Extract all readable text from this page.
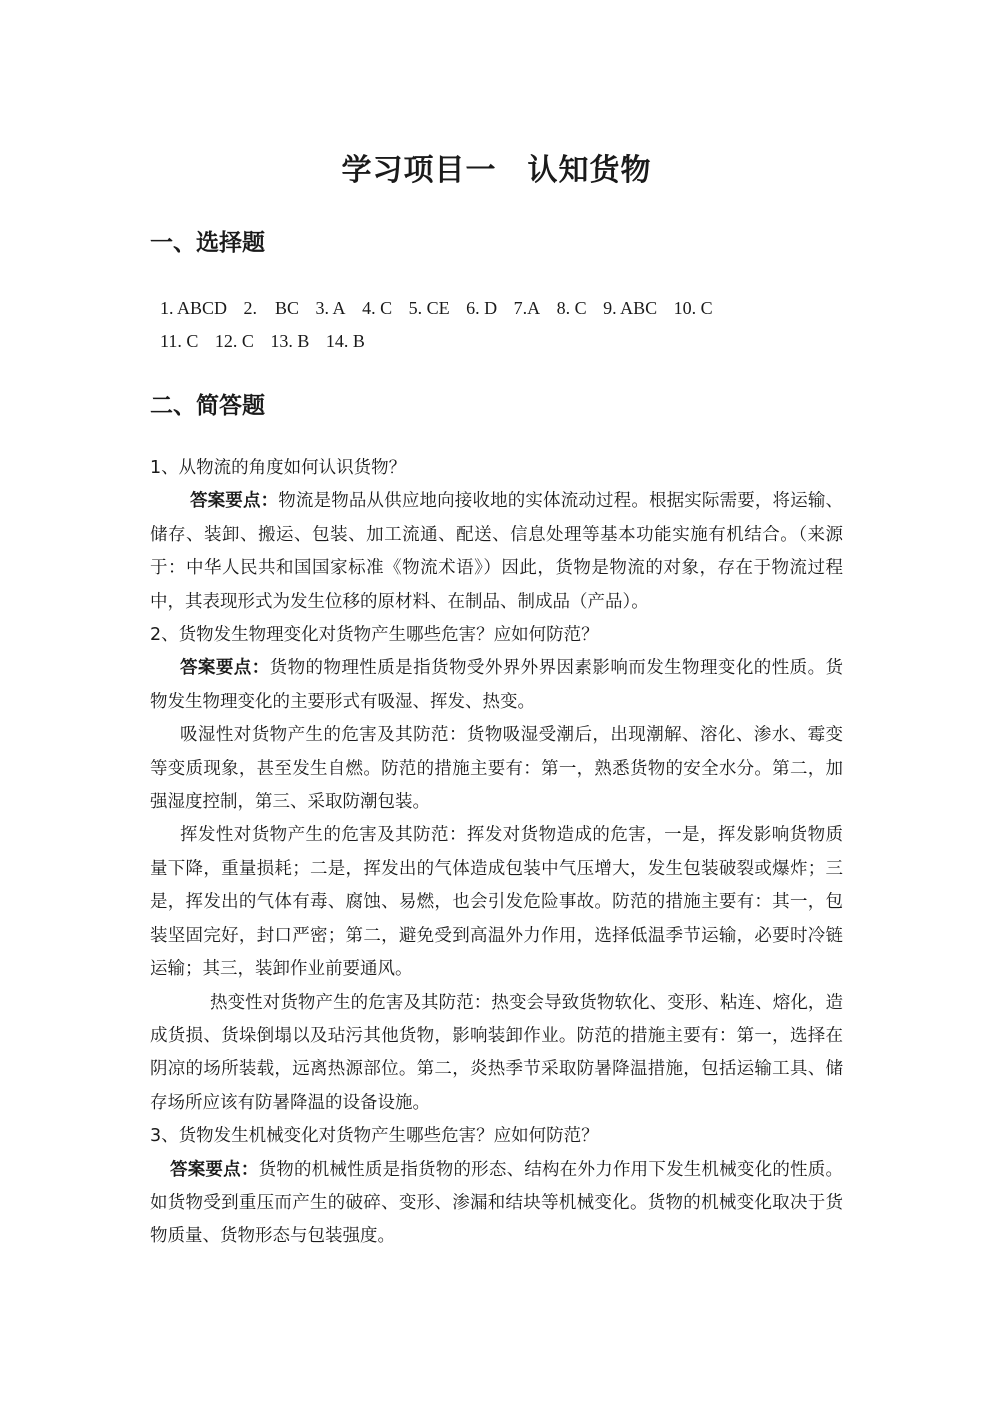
学习项目一　认知货物
一、选择题
1. ABCD 2.　BC 3. A 4. C 5. CE 6. D 7.A 8. C 9. ABC 10. C
11. C 12. C 13. B 14. B
二、简答题

1、从物流的角度如何认识货物？

答案要点：物流是物品从供应地向接收地的实体流动过程。根据实际需要，将运输、储存、装卸、搬运、包装、加工流通、配送、信息处理等基本功能实施有机结合。（来源于：中华人民共和国国家标准《物流术语》）因此，货物是物流的对象，存在于物流过程中，其表现形式为发生位移的原材料、在制品、制成品（产品）。

2、货物发生物理变化对货物产生哪些危害？应如何防范？

答案要点：货物的物理性质是指货物受外界外界因素影响而发生物理变化的性质。货物发生物理变化的主要形式有吸湿、挥发、热变。

吸湿性对货物产生的危害及其防范：货物吸湿受潮后，出现潮解、溶化、渗水、霉变等变质现象，甚至发生自燃。防范的措施主要有：第一，熟悉货物的安全水分。第二，加强湿度控制，第三、采取防潮包装。

挥发性对货物产生的危害及其防范：挥发对货物造成的危害，一是，挥发影响货物质量下降，重量损耗；二是，挥发出的气体造成包装中气压增大，发生包装破裂或爆炸；三是，挥发出的气体有毒、腐蚀、易燃，也会引发危险事故。防范的措施主要有：其一，包装坚固完好，封口严密；第二，避免受到高温外力作用，选择低温季节运输，必要时冷链运输；其三，装卸作业前要通风。

热变性对货物产生的危害及其防范：热变会导致货物软化、变形、粘连、熔化，造成货损、货垛倒塌以及玷污其他货物，影响装卸作业。防范的措施主要有：第一，选择在阴凉的场所装载，远离热源部位。第二，炎热季节采取防暑降温措施，包括运输工具、储存场所应该有防暑降温的设备设施。

3、货物发生机械变化对货物产生哪些危害？应如何防范？

答案要点：货物的机械性质是指货物的形态、结构在外力作用下发生机械变化的性质。如货物受到重压而产生的破碎、变形、渗漏和结块等机械变化。货物的机械变化取决于货物质量、货物形态与包装强度。
